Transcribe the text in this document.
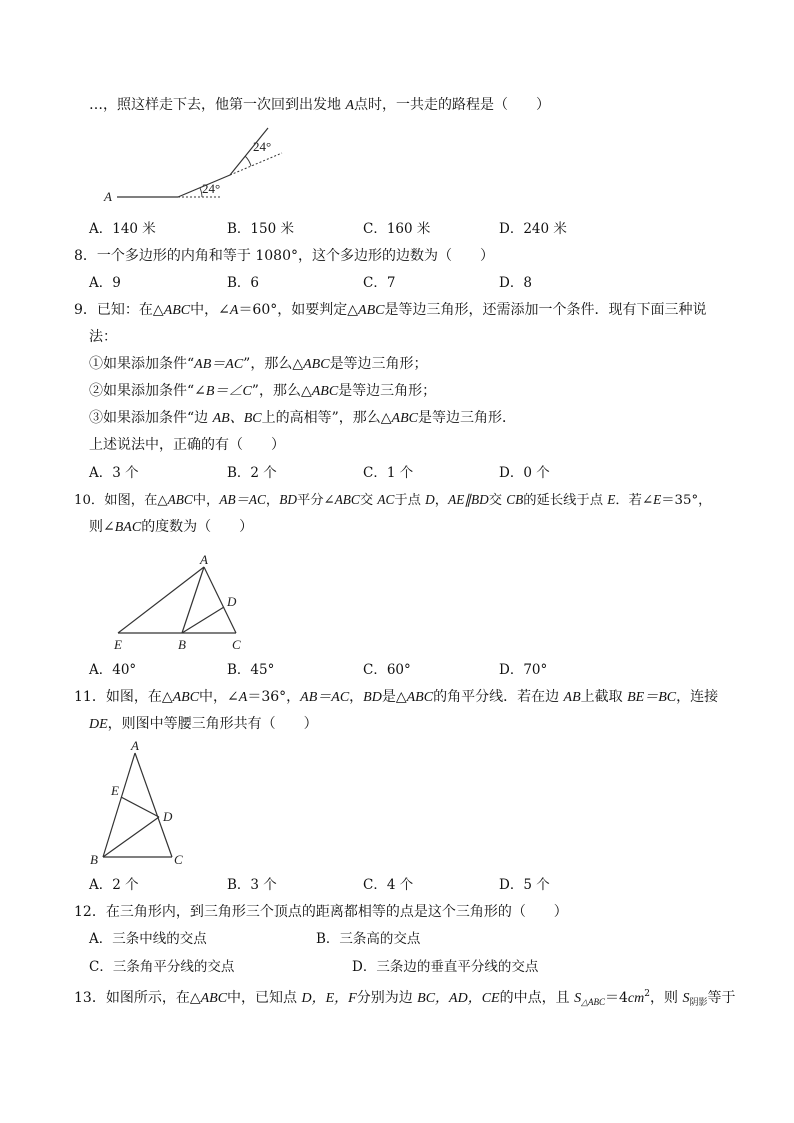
…，照这样走下去，他第一次回到出发地 A点时，一共走的路程是（　　）
A
24°
24°
A．140 米	B．150 米	C．160 米	D．240 米
8．一个多边形的内角和等于 1080°，这个多边形的边数为（　　）
A．9	B．6	C．7	D．8
9．已知：在△ABC中，∠A＝60°，如要判定△ABC是等边三角形，还需添加一个条件．现有下面三种说
法：
①如果添加条件“AB＝AC”，那么△ABC是等边三角形；
②如果添加条件“∠B＝∠C”，那么△ABC是等边三角形；
③如果添加条件“边 AB、BC上的高相等”，那么△ABC是等边三角形．
上述说法中，正确的有（　　）
A．3 个	B．2 个	C．1 个	D．0 个
10．如图，在△ABC中，AB＝AC，BD平分∠ABC交 AC于点 D，AE∥BD交 CB的延长线于点 E．若∠E＝35°，
则∠BAC的度数为（　　）
A
D
E	B	C
A．40°	B．45°	C．60°	D．70°
11．如图，在△ABC中，∠A＝36°，AB＝AC，BD是△ABC的角平分线．若在边 AB上截取 BE＝BC，连接
DE，则图中等腰三角形共有（　　）
A
E
D
B	C
A．2 个	B．3 个	C．4 个	D．5 个
12．在三角形内，到三角形三个顶点的距离都相等的点是这个三角形的（　　）
A．三条中线的交点	B．三条高的交点
C．三条角平分线的交点	D．三条边的垂直平分线的交点
13．如图所示，在△ABC中，已知点 D，E，F分别为边 BC，AD，CE的中点，且 $S_{\triangle ABC}=4cm^2$，则 $S_{阴影}$等于
